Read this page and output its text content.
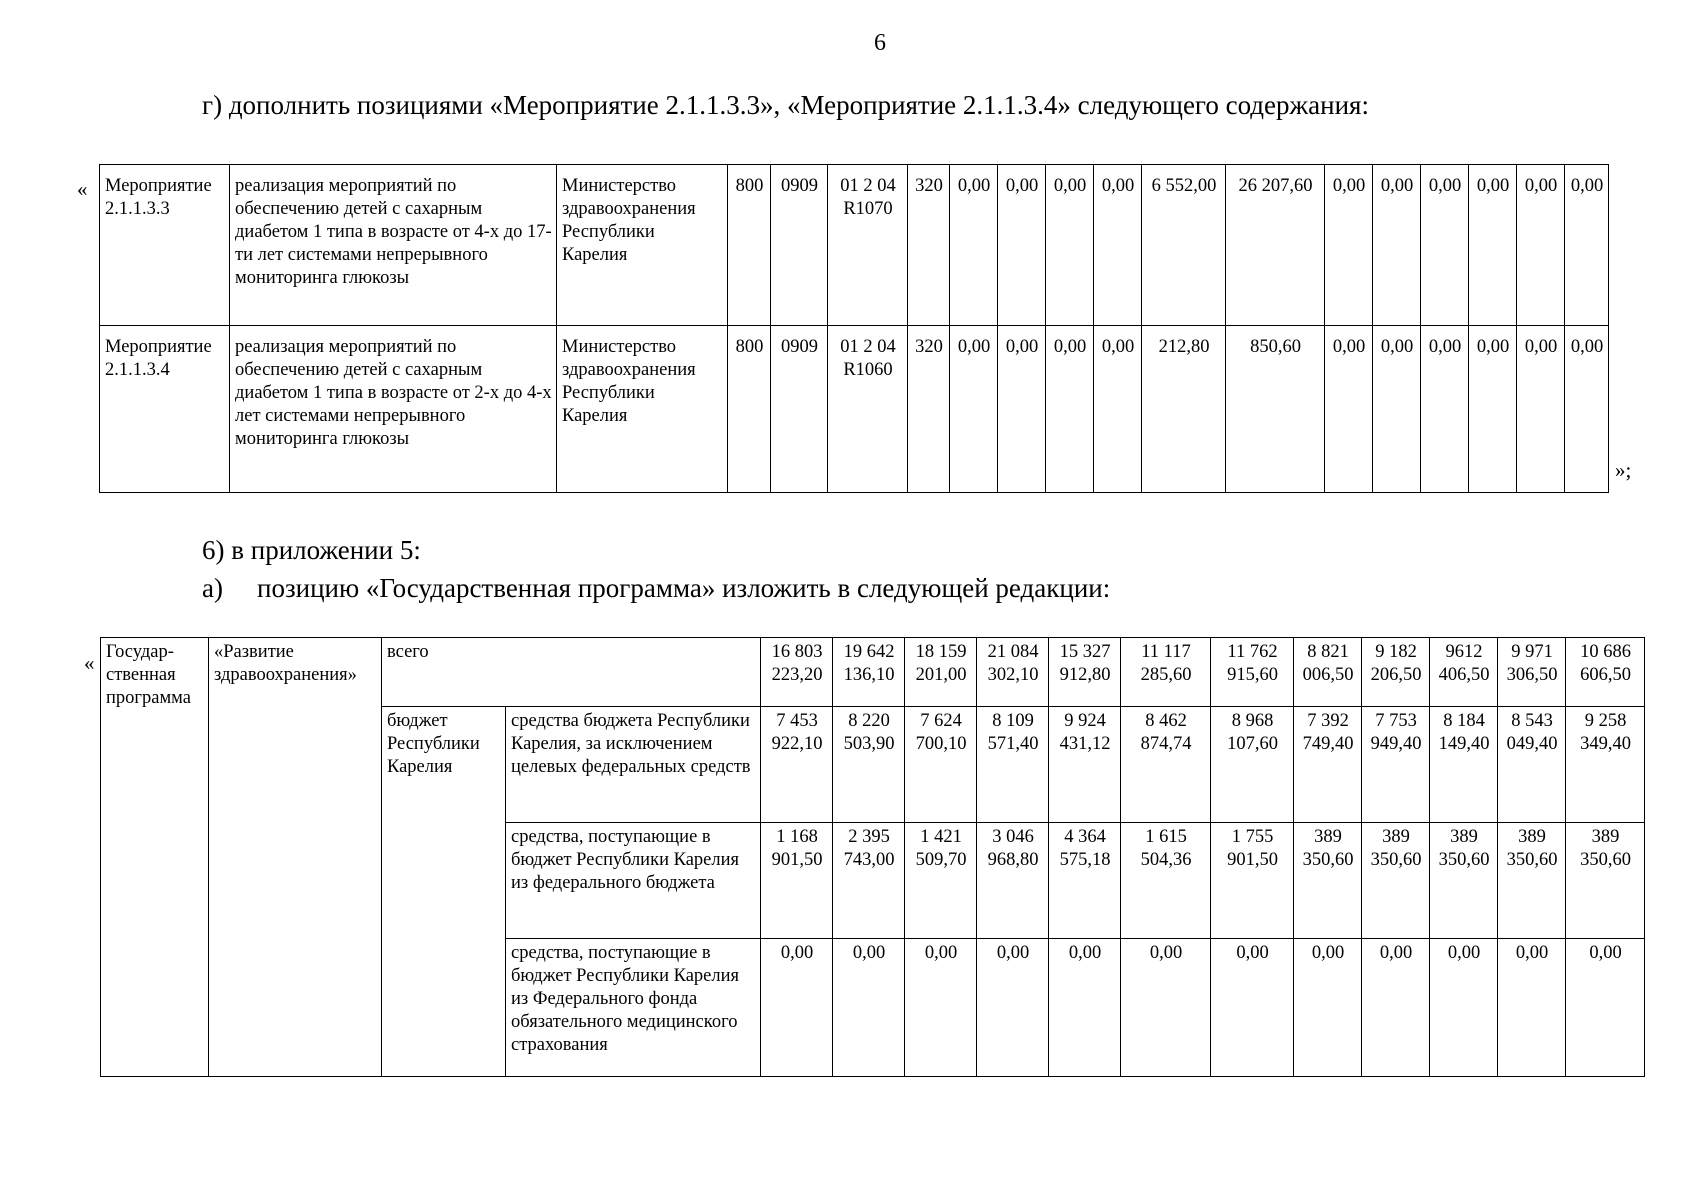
6
г) дополнить позициями «Мероприятие 2.1.1.3.3», «Мероприятие 2.1.1.3.4» следующего содержания:
« Мероприятие 2.1.1.3.3	реализация мероприятий по обеспечению детей с сахарным диабетом 1 типа в возрасте от 4-х до 17-ти лет системами непрерывного мониторинга глюкозы	Министерство здравоохранения Республики Карелия	800	0909	01 2 04 R1070	320	0,00	0,00	0,00	0,00	6 552,00	26 207,60	0,00	0,00	0,00	0,00	0,00	0,00
Мероприятие 2.1.1.3.4	реализация мероприятий по обеспечению детей с сахарным диабетом 1 типа в возрасте от 2-х до 4-х лет системами непрерывного мониторинга глюкозы	Министерство здравоохранения Республики Карелия	800	0909	01 2 04 R1060	320	0,00	0,00	0,00	0,00	212,80	850,60	0,00	0,00	0,00	0,00	0,00	0,00
»;
6) в приложении 5:
а) позицию «Государственная программа» изложить в следующей редакции:
« Государ-ственная программа	«Развитие здравоохранения»	всего		16 803 223,20	19 642 136,10	18 159 201,00	21 084 302,10	15 327 912,80	11 117 285,60	11 762 915,60	8 821 006,50	9 182 206,50	9612 406,50	9 971 306,50	10 686 606,50
		бюджет Республики Карелия	средства бюджета Республики Карелия, за исключением целевых федеральных средств	7 453 922,10	8 220 503,90	7 624 700,10	8 109 571,40	9 924 431,12	8 462 874,74	8 968 107,60	7 392 749,40	7 753 949,40	8 184 149,40	8 543 049,40	9 258 349,40
			средства, поступающие в бюджет Республики Карелия из федерального бюджета	1 168 901,50	2 395 743,00	1 421 509,70	3 046 968,80	4 364 575,18	1 615 504,36	1 755 901,50	389 350,60	389 350,60	389 350,60	389 350,60	389 350,60
			средства, поступающие в бюджет Республики Карелия из Федерального фонда обязательного медицинского страхования	0,00	0,00	0,00	0,00	0,00	0,00	0,00	0,00	0,00	0,00	0,00	0,00
